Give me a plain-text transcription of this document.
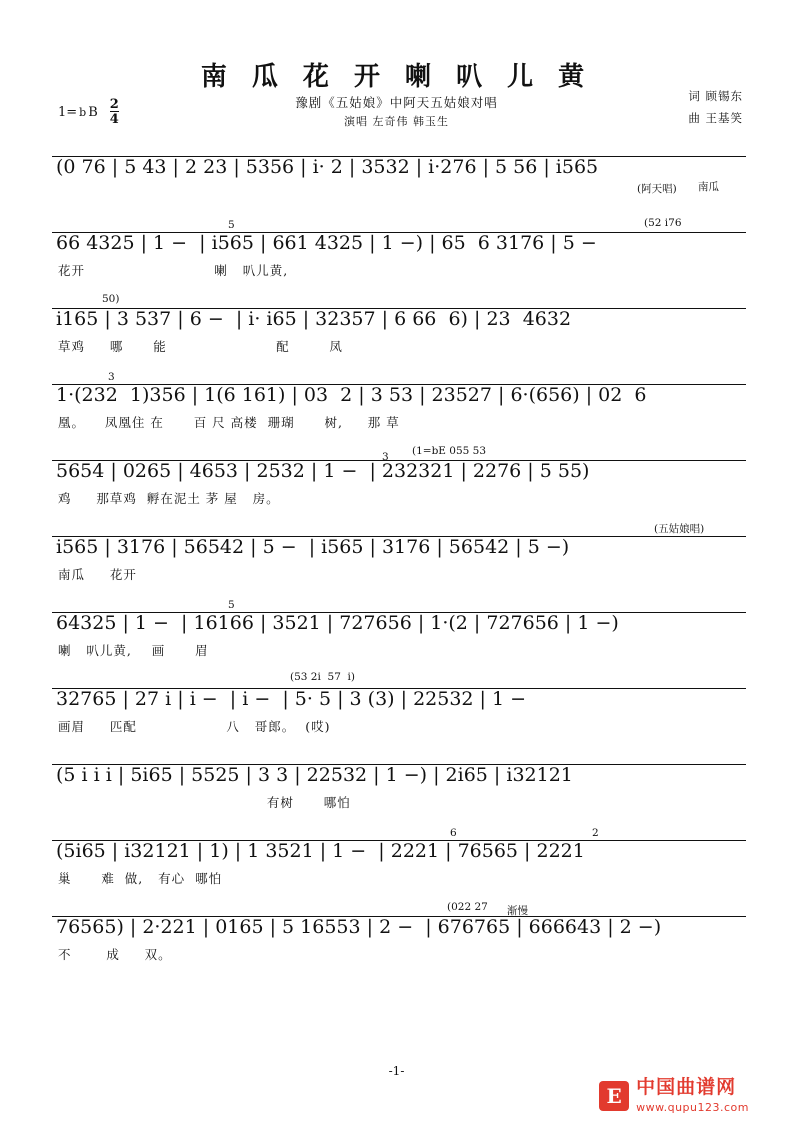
南 瓜 花 开 喇 叭 儿 黄
豫剧《五姑娘》中阿天五姑娘对唱
演唱 左奇伟 韩玉生
词 顾锡东
曲 王基笑
1= b B $\frac{2}{4}$
(0 76 | 5 43 | 2 23 | 5356 | i· 2 | 3532 | i·276 | 5 56 | i565
(阿天唱) 南瓜
66 4325 | 1 −  | i565 | 661 4325 | 1 −) | 65  6 3176 | 5 −
花开                          喇   叭儿黄,
(52 i76
5
i165 | 3 537 | 6 −  | i· i65 | 32357 | 6 66  6) | 23  4632
草鸡     哪      能                      配        凤
50)
1·(232  1)356 | 1(6 161) | 03  2 | 3 53 | 23527 | 6·(656) | 02  6
凰。    凤凰住 在      百 尺 高楼  珊瑚      树,     那 草
3
5654 | 0265 | 4653 | 2532 | 1 −  | 232321 | 2276 | 5 55)
鸡     那草鸡  孵在泥土 茅 屋   房。
(1=bE 055 53
3
i565 | 3176 | 56542 | 5 −  | i565 | 3176 | 56542 | 5 −)
南瓜     花开
(五姑娘唱)
64325 | 1 −  | 16166 | 3521 | 727656 | 1·(2 | 727656 | 1 −)
喇   叭儿黄,    画      眉
5
32765 | 27 i | i −  | i −  | 5· 5 | 3 (3) | 22532 | 1 −
画眉     匹配                  八   哥郎。  (哎)
(53 2i  57  i)
(5 i i i | 5i65 | 5525 | 3 3 | 22532 | 1 −) | 2i65 | i32121
有树      哪怕
(5i65 | i32121 | 1) | 1 3521 | 1 −  | 2221 | 76565 | 2221
巢      难  做,   有心  哪怕
6	2
76565) | 2·221 | 0165 | 5 16553 | 2 −  | 676765 | 666643 | 2 −)
不       成     双。
(022 27 渐慢
-1-
E 中国曲谱网
www.qupu123.com
